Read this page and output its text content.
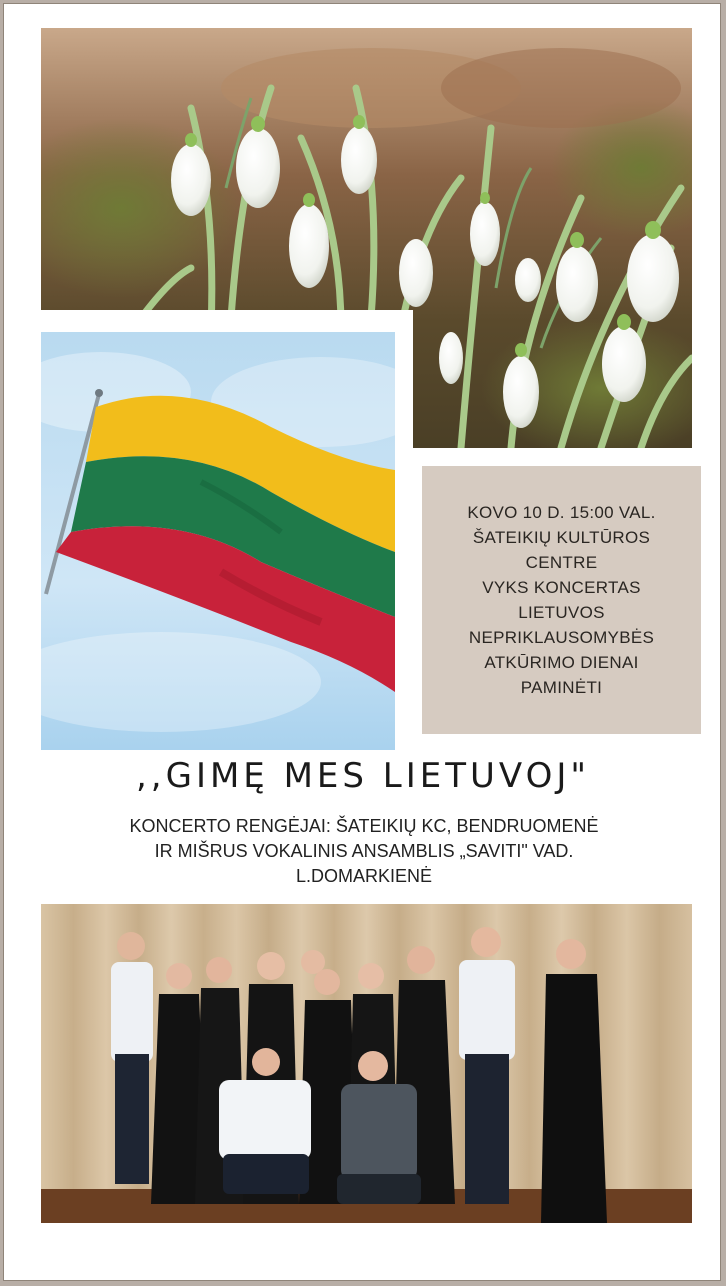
KOVO 10 D. 15:00 VAL.
ŠATEIKIŲ KULTŪROS
CENTRE
VYKS KONCERTAS
LIETUVOS
NEPRIKLAUSOMYBĖS
ATKŪRIMO DIENAI
PAMINĖTI
,,GIMĘ MES LIETUVOJ"
KONCERTO RENGĖJAI: ŠATEIKIŲ KC, BENDRUOMENĖ
IR MIŠRUS VOKALINIS ANSAMBLIS „SAVITI" VAD.
L.DOMARKIENĖ
